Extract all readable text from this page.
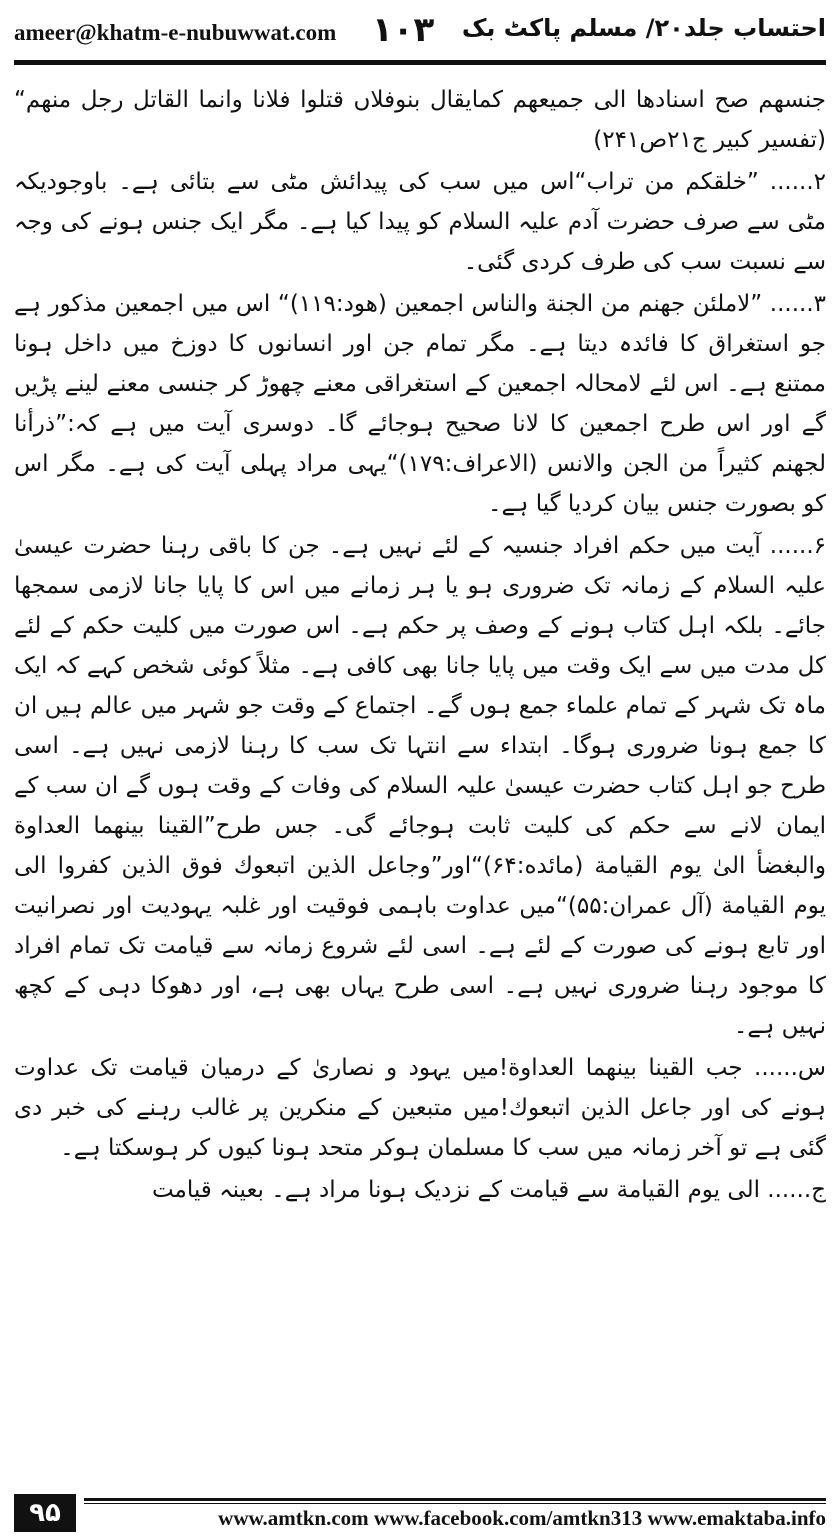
ameer@khatm-e-nubuwwat.com ۱۰۳ احتساب جلد۲۰/ مسلم پاکٹ بک

جنسهم صح اسنادها الی جمیعهم کمایقال بنوفلاں قتلوا فلانا وانما القاتل رجل منهم“ (تفسیر کبیر ج۲۱ص۲۴۱)

۲...... ”خلقکم من تراب“اس میں سب کی پیدائش مٹی سے بتائی ہے۔ باوجودیکہ مٹی سے صرف حضرت آدم علیہ السلام کو پیدا کیا ہے۔ مگر ایک جنس ہونے کی وجہ سے نسبت سب کی طرف کردی گئی۔

۳...... ”لاملئن جهنم من الجنة والناس اجمعین (هود:۱۱۹)“ اس میں اجمعین مذکور ہے جو استغراق کا فائدہ دیتا ہے۔ مگر تمام جن اور انسانوں کا دوزخ میں داخل ہونا ممتنع ہے۔ اس لئے لامحالہ اجمعین کے استغراقی معنے چھوڑ کر جنسی معنے لینے پڑیں گے اور اس طرح اجمعین کا لانا صحیح ہوجائے گا۔ دوسری آیت میں ہے کہ:”ذرأنا لجهنم کثیراً من الجن والانس (الاعراف:۱۷۹)“یہی مراد پہلی آیت کی ہے۔ مگر اس کو بصورت جنس بیان کردیا گیا ہے۔

۶...... آیت میں حکم افراد جنسیہ کے لئے نہیں ہے۔ جن کا باقی رہنا حضرت عیسیٰ علیہ السلام کے زمانہ تک ضروری ہو یا ہر زمانے میں اس کا پایا جانا لازمی سمجھا جائے۔ بلکہ اہل کتاب ہونے کے وصف پر حکم ہے۔ اس صورت میں کلیت حکم کے لئے کل مدت میں سے ایک وقت میں پایا جانا بھی کافی ہے۔ مثلاً کوئی شخص کہے کہ ایک ماہ تک شہر کے تمام علماء جمع ہوں گے۔ اجتماع کے وقت جو شہر میں عالم ہیں ان کا جمع ہونا ضروری ہوگا۔ ابتداء سے انتہا تک سب کا رہنا لازمی نہیں ہے۔ اسی طرح جو اہل کتاب حضرت عیسیٰ علیہ السلام کی وفات کے وقت ہوں گے ان سب کے ایمان لانے سے حکم کی کلیت ثابت ہوجائے گی۔ جس طرح”القینا بینهما العداوة والبغضأ الیٰ یوم القیامة (مائده:۶۴)“اور”وجاعل الذین اتبعوك فوق الذین کفروا الی یوم القیامة (آل عمران:۵۵)“میں عداوت باہمی فوقیت اور غلبہ یہودیت اور نصرانیت اور تابع ہونے کی صورت کے لئے ہے۔ اسی لئے شروع زمانہ سے قیامت تک تمام افراد کا موجود رہنا ضروری نہیں ہے۔ اسی طرح یہاں بھی ہے، اور دھوکا دہی کے کچھ نہیں ہے۔

س...... جب القینا بینهما العداوة!میں یہود و نصاریٰ کے درمیان قیامت تک عداوت ہونے کی اور جاعل الذین اتبعوك!میں متبعین کے منکرین پر غالب رہنے کی خبر دی گئی ہے تو آخر زمانہ میں سب کا مسلمان ہوکر متحد ہونا کیوں کر ہوسکتا ہے۔

ج...... الی یوم القیامة سے قیامت کے نزدیک ہونا مراد ہے۔ بعینہ قیامت

۹۵	www.amtkn.com www.facebook.com/amtkn313 www.emaktaba.info
